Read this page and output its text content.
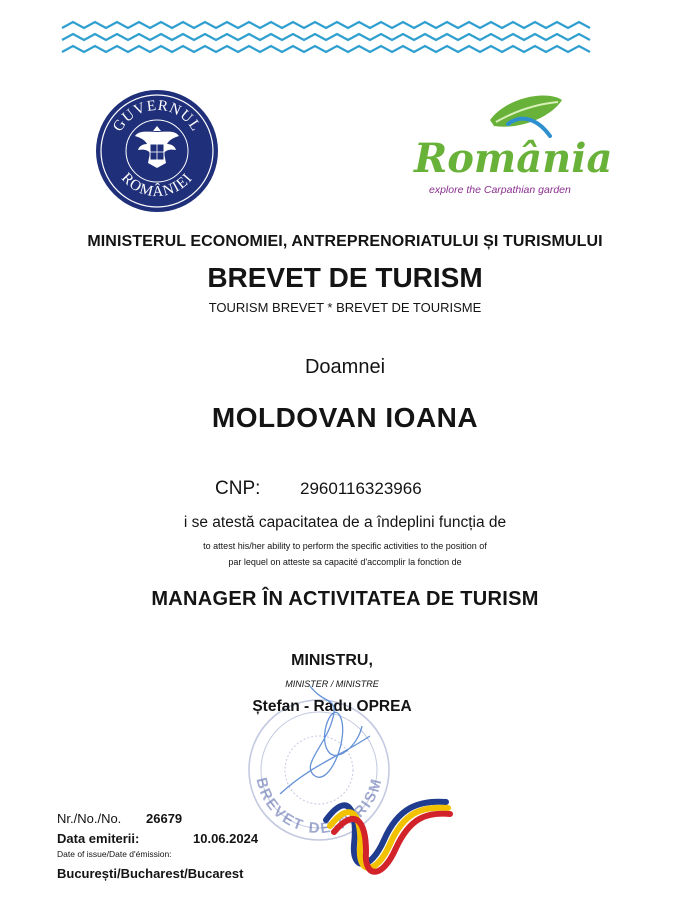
GUVERNUL
ROMÂNIEI	România
explore the Carpathian garden
MINISTERUL ECONOMIEI, ANTREPRENORIATULUI ȘI TURISMULUI
BREVET DE TURISM
TOURISM BREVET * BREVET DE TOURISME
Doamnei
MOLDOVAN IOANA
CNP: 2960116323966
i se atestă capacitatea de a îndeplini funcția de
to attest his/her ability to perform the specific activities to the position of
par lequel on atteste sa capacité d'accomplir la fonction de
MANAGER ÎN ACTIVITATEA DE TURISM
BREVET DE TURISM
MINISTRU,
MINISTER / MINISTRE
Ștefan - Radu OPREA
Nr./No./No. 26679
Data emiterii:	10.06.2024
Date of issue/Date d'émission:
București/Bucharest/Bucarest
